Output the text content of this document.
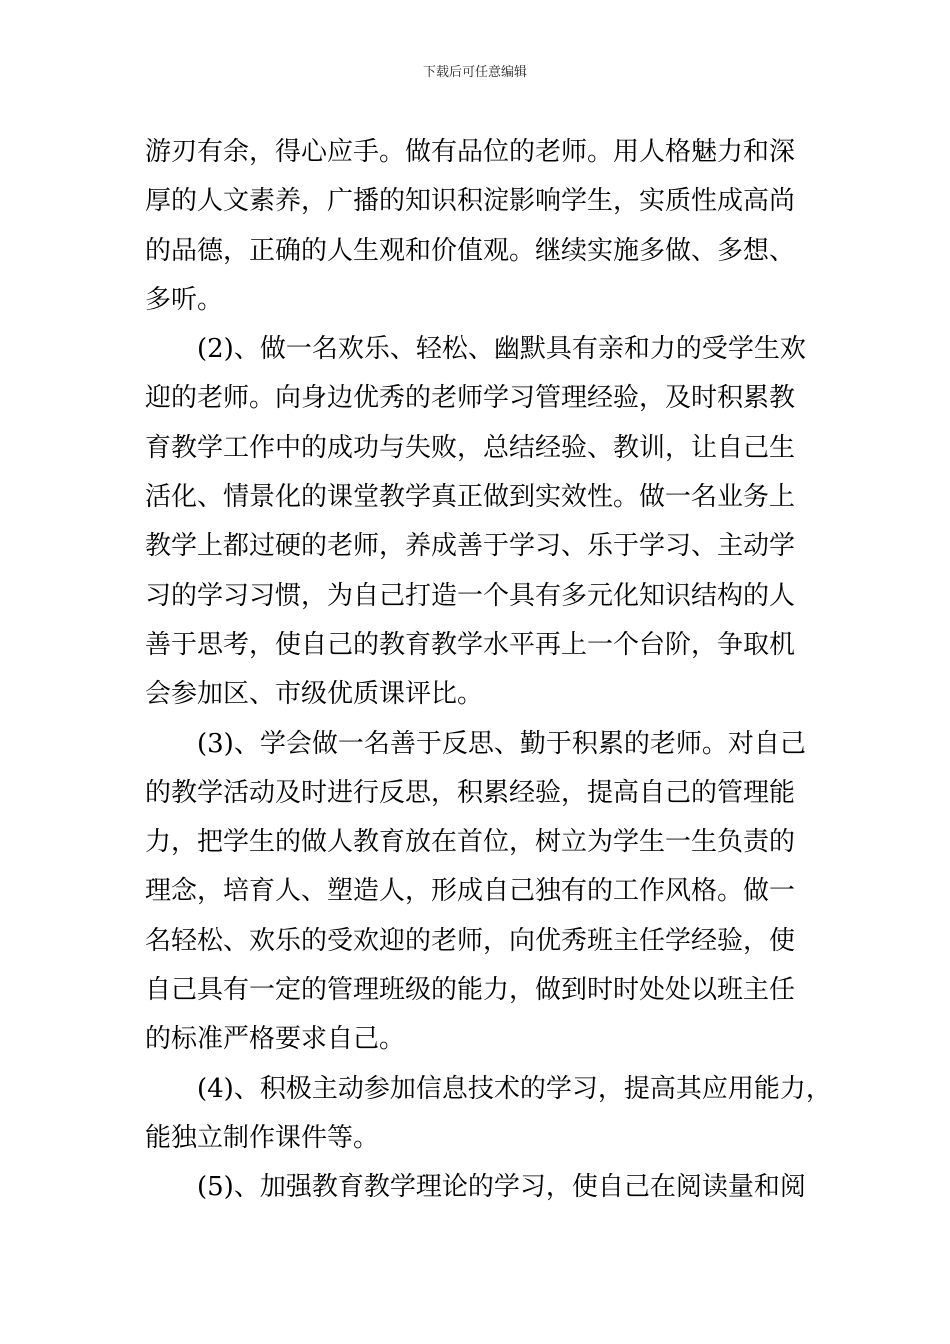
下载后可任意编辑
游刃有余，得心应手。做有品位的老师。用人格魅力和深
厚的人文素养，广播的知识积淀影响学生，实质性成高尚
的品德，正确的人生观和价值观。继续实施多做、多想、
多听。
(2)、做一名欢乐、轻松、幽默具有亲和力的受学生欢
迎的老师。向身边优秀的老师学习管理经验，及时积累教
育教学工作中的成功与失败，总结经验、教训，让自己生
活化、情景化的课堂教学真正做到实效性。做一名业务上
教学上都过硬的老师，养成善于学习、乐于学习、主动学
习的学习习惯，为自己打造一个具有多元化知识结构的人
善于思考，使自己的教育教学水平再上一个台阶，争取机
会参加区、市级优质课评比。
(3)、学会做一名善于反思、勤于积累的老师。对自己
的教学活动及时进行反思，积累经验，提高自己的管理能
力，把学生的做人教育放在首位，树立为学生一生负责的
理念，培育人、塑造人，形成自己独有的工作风格。做一
名轻松、欢乐的受欢迎的老师，向优秀班主任学经验，使
自己具有一定的管理班级的能力，做到时时处处以班主任
的标准严格要求自己。
(4)、积极主动参加信息技术的学习，提高其应用能力，
能独立制作课件等。
(5)、加强教育教学理论的学习，使自己在阅读量和阅
